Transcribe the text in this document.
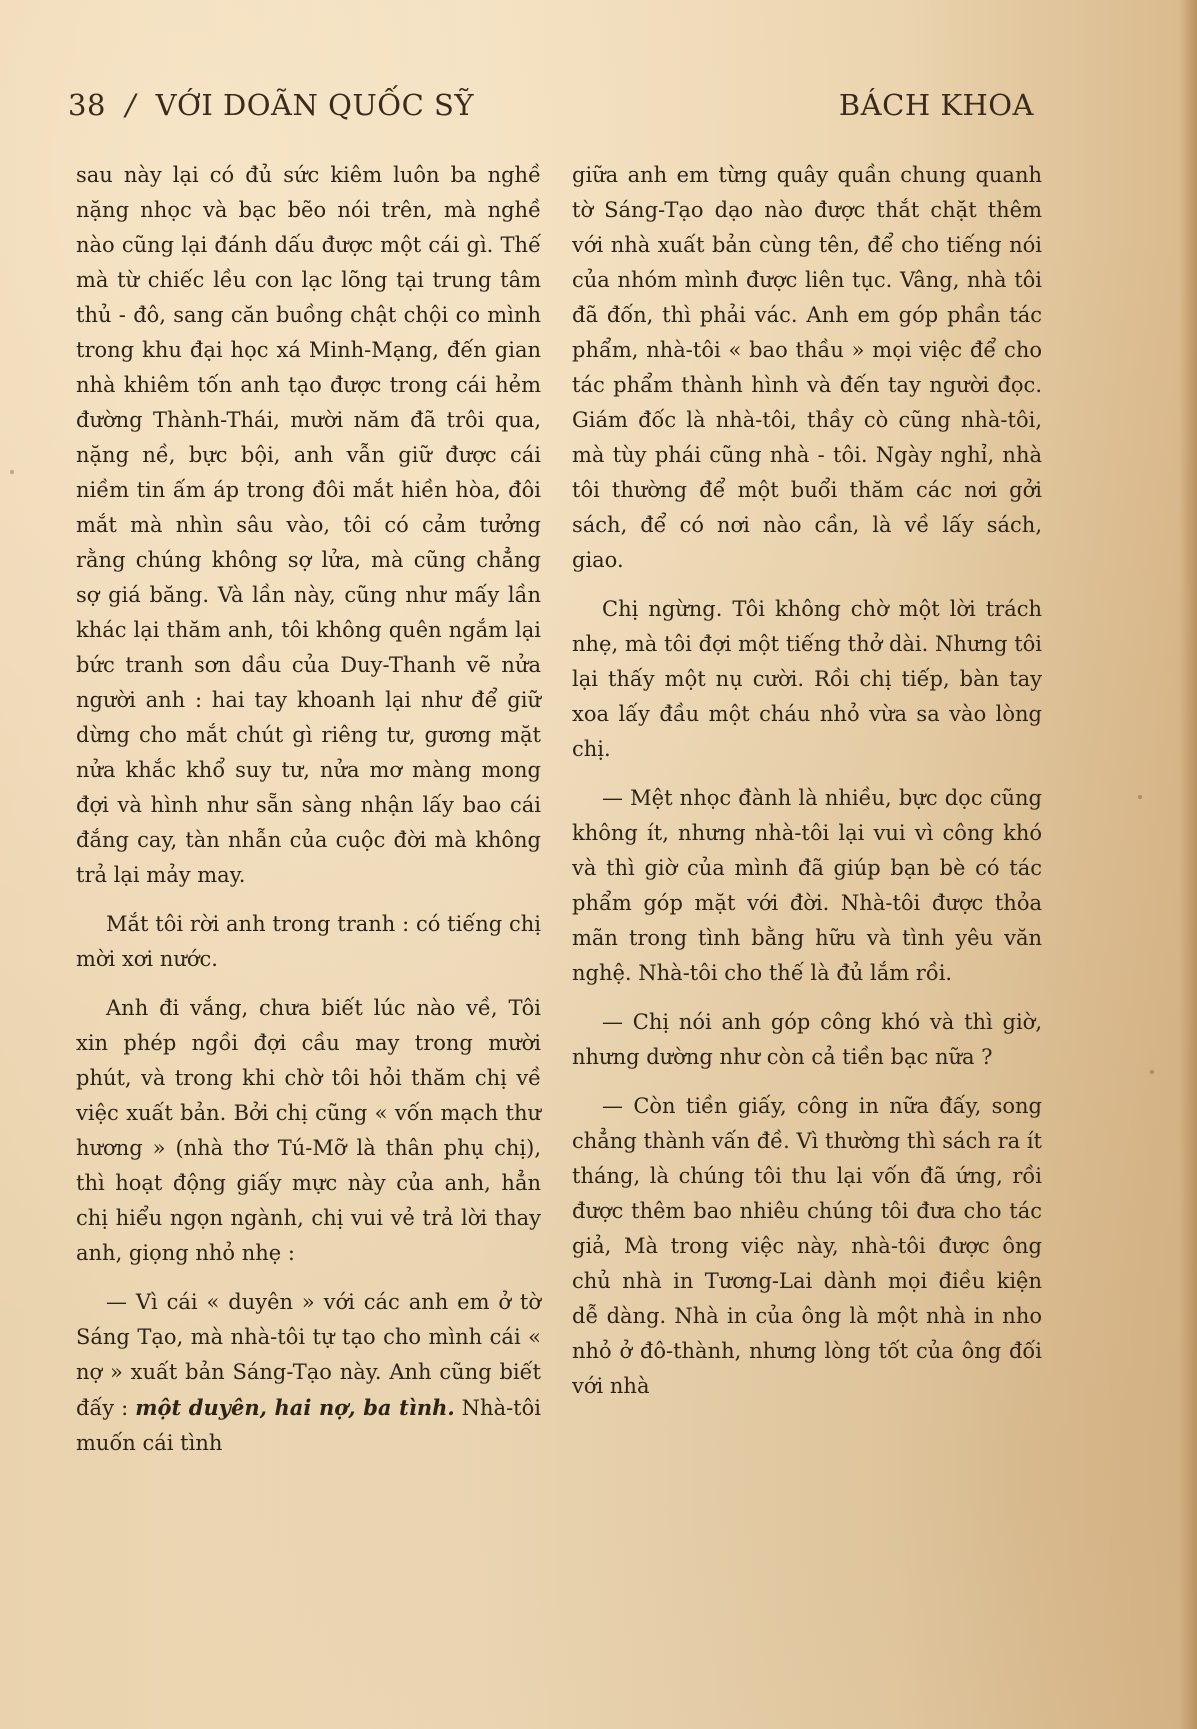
38 / VỚI DOÃN QUỐC SỸ	BÁCH KHOA

sau này lại có đủ sức kiêm luôn ba nghề nặng nhọc và bạc bẽo nói trên, mà nghề nào cũng lại đánh dấu được một cái gì. Thế mà từ chiếc lều con lạc lõng tại trung tâm thủ - đô, sang căn buồng chật chội co mình trong khu đại học xá Minh-Mạng, đến gian nhà khiêm tốn anh tạo được trong cái hẻm đường Thành-Thái, mười năm đã trôi qua, nặng nề, bực bội, anh vẫn giữ được cái niềm tin ấm áp trong đôi mắt hiền hòa, đôi mắt mà nhìn sâu vào, tôi có cảm tưởng rằng chúng không sợ lửa, mà cũng chẳng sợ giá băng. Và lần này, cũng như mấy lần khác lại thăm anh, tôi không quên ngắm lại bức tranh sơn dầu của Duy-Thanh vẽ nửa người anh : hai tay khoanh lại như để giữ dừng cho mắt chút gì riêng tư, gương mặt nửa khắc khổ suy tư, nửa mơ màng mong đợi và hình như sẵn sàng nhận lấy bao cái đắng cay, tàn nhẫn của cuộc đời mà không trả lại mảy may.

Mắt tôi rời anh trong tranh : có tiếng chị mời xơi nước.

Anh đi vắng, chưa biết lúc nào về, Tôi xin phép ngồi đợi cầu may trong mười phút, và trong khi chờ tôi hỏi thăm chị về việc xuất bản. Bởi chị cũng « vốn mạch thư hương » (nhà thơ Tú-Mỡ là thân phụ chị), thì hoạt động giấy mực này của anh, hẳn chị hiểu ngọn ngành, chị vui vẻ trả lời thay anh, giọng nhỏ nhẹ :

— Vì cái « duyên » với các anh em ở tờ Sáng Tạo, mà nhà-tôi tự tạo cho mình cái « nợ » xuất bản Sáng-Tạo này. Anh cũng biết đấy : một duyên, hai nợ, ba tình. Nhà-tôi muốn cái tình

giữa anh em từng quây quần chung quanh tờ Sáng-Tạo dạo nào được thắt chặt thêm với nhà xuất bản cùng tên, để cho tiếng nói của nhóm mình được liên tục. Vâng, nhà tôi đã đốn, thì phải vác. Anh em góp phần tác phẩm, nhà-tôi « bao thầu » mọi việc để cho tác phẩm thành hình và đến tay người đọc. Giám đốc là nhà-tôi, thầy cò cũng nhà-tôi, mà tùy phái cũng nhà - tôi. Ngày nghỉ, nhà tôi thường để một buổi thăm các nơi gởi sách, để có nơi nào cần, là về lấy sách, giao.

Chị ngừng. Tôi không chờ một lời trách nhẹ, mà tôi đợi một tiếng thở dài. Nhưng tôi lại thấy một nụ cười. Rồi chị tiếp, bàn tay xoa lấy đầu một cháu nhỏ vừa sa vào lòng chị.

— Mệt nhọc đành là nhiều, bực dọc cũng không ít, nhưng nhà-tôi lại vui vì công khó và thì giờ của mình đã giúp bạn bè có tác phẩm góp mặt với đời. Nhà-tôi được thỏa mãn trong tình bằng hữu và tình yêu văn nghệ. Nhà-tôi cho thế là đủ lắm rồi.

— Chị nói anh góp công khó và thì giờ, nhưng dường như còn cả tiền bạc nữa ?

— Còn tiền giấy, công in nữa đấy, song chẳng thành vấn đề. Vì thường thì sách ra ít tháng, là chúng tôi thu lại vốn đã ứng, rồi được thêm bao nhiêu chúng tôi đưa cho tác giả, Mà trong việc này, nhà-tôi được ông chủ nhà in Tương-Lai dành mọi điều kiện dễ dàng. Nhà in của ông là một nhà in nho nhỏ ở đô-thành, nhưng lòng tốt của ông đối với nhà
